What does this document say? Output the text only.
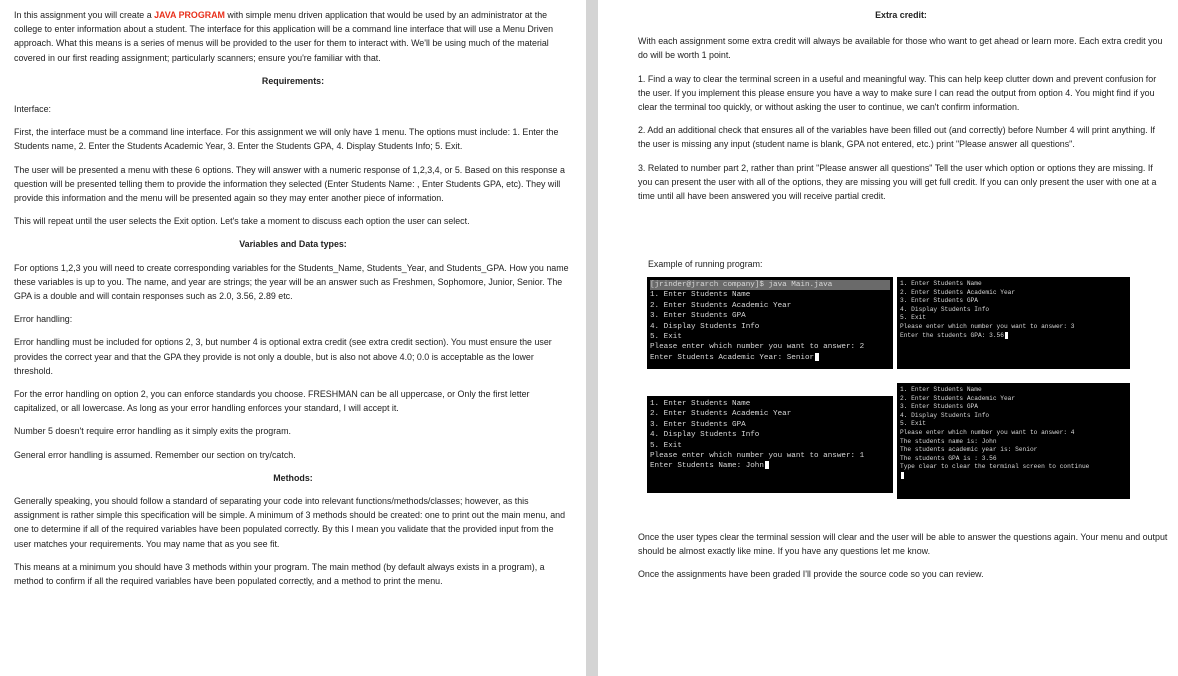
In this assignment you will create a JAVA PROGRAM with simple menu driven application that would be used by an administrator at the college to enter information about a student. The interface for this application will be a command line interface that will use a Menu Driven approach. What this means is a series of menus will be provided to the user for them to interact with. We'll be using much of the material covered in our first reading assignment; particularly scanners; ensure you're familiar with that.

Requirements:

Interface:

First, the interface must be a command line interface. For this assignment we will only have 1 menu. The options must include: 1. Enter the Students name, 2. Enter the Students Academic Year, 3. Enter the Students GPA, 4. Display Students Info; 5. Exit.

The user will be presented a menu with these 6 options. They will answer with a numeric response of 1,2,3,4, or 5. Based on this response a question will be presented telling them to provide the information they selected (Enter Students Name: , Enter Students GPA, etc). They will provide this information and the menu will be presented again so they may enter another piece of information.

This will repeat until the user selects the Exit option. Let's take a moment to discuss each option the user can select.

Variables and Data types:

For options 1,2,3 you will need to create corresponding variables for the Students_Name, Students_Year, and Students_GPA. How you name these variables is up to you. The name, and year are strings; the year will be an answer such as Freshmen, Sophomore, Junior, Senior. The GPA is a double and will contain responses such as 2.0, 3.56, 2.89 etc.

Error handling:

Error handling must be included for options 2, 3, but number 4 is optional extra credit (see extra credit section). You must ensure the user provides the correct year and that the GPA they provide is not only a double, but is also not above 4.0; 0.0 is acceptable as the lower threshold.

For the error handling on option 2, you can enforce standards you choose. FRESHMAN can be all uppercase, or Only the first letter capitalized, or all lowercase. As long as your error handling enforces your standard, I will accept it.

Number 5 doesn't require error handling as it simply exits the program.

General error handling is assumed. Remember our section on try/catch.

Methods:

Generally speaking, you should follow a standard of separating your code into relevant functions/methods/classes; however, as this assignment is rather simple this specification will be simple. A minimum of 3 methods should be created: one to print out the main menu, and one to determine if all of the required variables have been populated correctly. By this I mean you validate that the provided input from the user matches your requirements. You may name that as you see fit.

This means at a minimum you should have 3 methods within your program. The main method (by default always exists in a program), a method to confirm if all the required variables have been populated correctly, and a method to print the menu.

Extra credit:

With each assignment some extra credit will always be available for those who want to get ahead or learn more. Each extra credit you do will be worth 1 point.

1. Find a way to clear the terminal screen in a useful and meaningful way. This can help keep clutter down and prevent confusion for the user. If you implement this please ensure you have a way to make sure I can read the output from option 4. You might find if you clear the terminal too quickly, or without asking the user to continue, we can't confirm information.

2. Add an additional check that ensures all of the variables have been filled out (and correctly) before Number 4 will print anything. If the user is missing any input (student name is blank, GPA not entered, etc.) print "Please answer all questions".

3. Related to number part 2, rather than print "Please answer all questions" Tell the user which option or options they are missing. If you can present the user with all of the options, they are missing you will get full credit. If you can only present the user with one at a time until all have been answered you will receive partial credit.

Example of running program:

[jrinder@jrarch company]$ java Main.java
1. Enter Students Name
2. Enter Students Academic Year
3. Enter Students GPA
4. Display Students Info
5. Exit
Please enter which number you want to answer: 2
Enter Students Academic Year: Senior
1. Enter Students Name
2. Enter Students Academic Year
3. Enter Students GPA
4. Display Students Info
5. Exit
Please enter which number you want to answer: 3
Enter the students GPA: 3.56
1. Enter Students Name
2. Enter Students Academic Year
3. Enter Students GPA
4. Display Students Info
5. Exit
Please enter which number you want to answer: 1
Enter Students Name: John
1. Enter Students Name
2. Enter Students Academic Year
3. Enter Students GPA
4. Display Students Info
5. Exit
Please enter which number you want to answer: 4
The students name is: John
The students academic year is: Senior
The students GPA is : 3.56
Type clear to clear the terminal screen to continue

Once the user types clear the terminal session will clear and the user will be able to answer the questions again. Your menu and output should be almost exactly like mine. If you have any questions let me know.

Once the assignments have been graded I'll provide the source code so you can review.
